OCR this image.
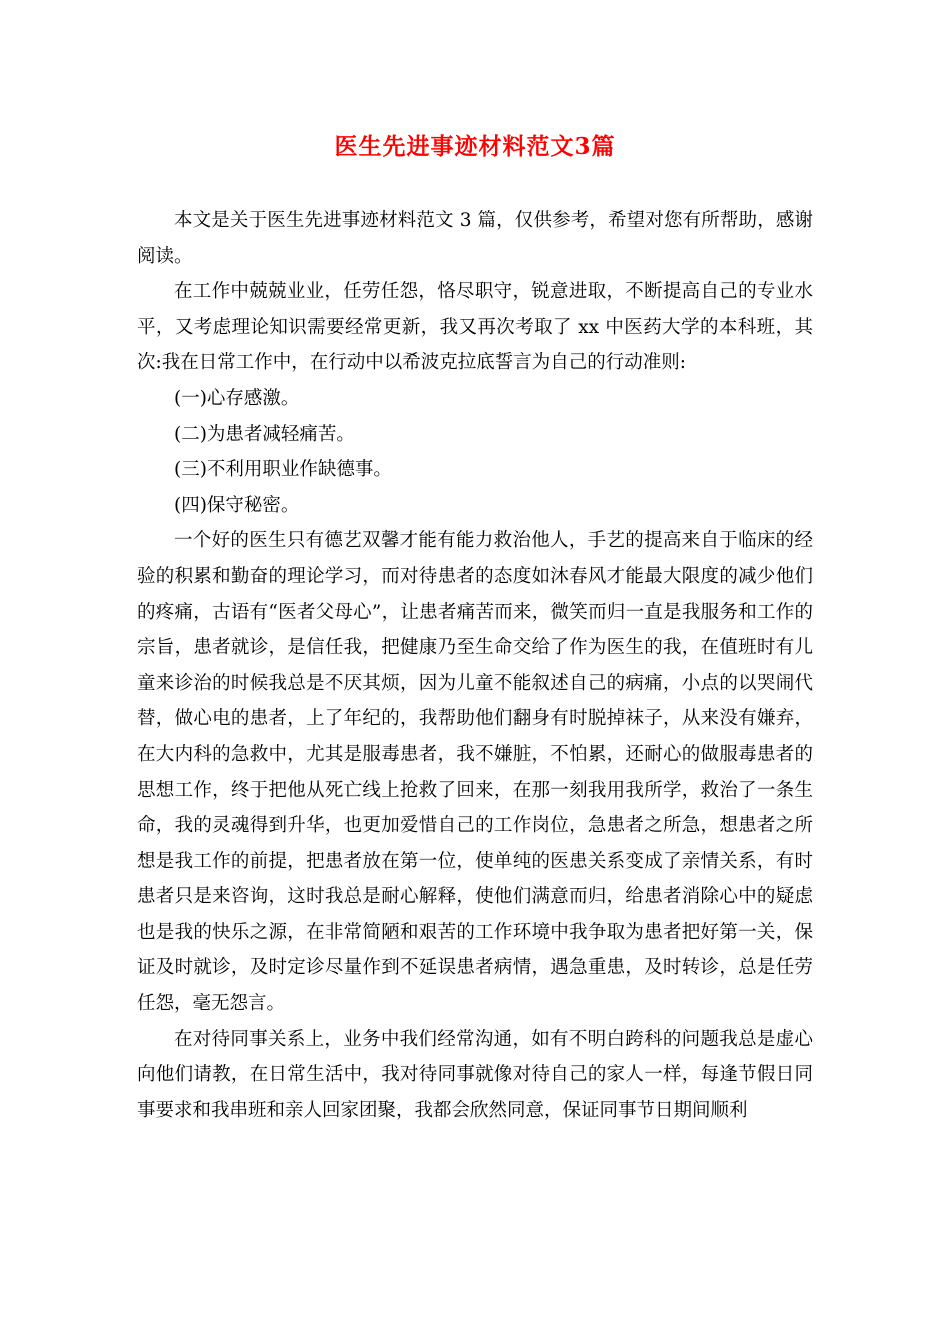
医生先进事迹材料范文3篇

本文是关于医生先进事迹材料范文 3 篇，仅供参考，希望对您有所帮助，感谢阅读。

在工作中兢兢业业，任劳任怨，恪尽职守，锐意进取，不断提高自己的专业水平，又考虑理论知识需要经常更新，我又再次考取了 xx 中医药大学的本科班，其次:我在日常工作中，在行动中以希波克拉底誓言为自己的行动准则:

(一)心存感激。

(二)为患者减轻痛苦。

(三)不利用职业作缺德事。

(四)保守秘密。

一个好的医生只有德艺双馨才能有能力救治他人，手艺的提高来自于临床的经验的积累和勤奋的理论学习，而对待患者的态度如沐春风才能最大限度的减少他们的疼痛，古语有“医者父母心”，让患者痛苦而来，微笑而归一直是我服务和工作的宗旨，患者就诊，是信任我，把健康乃至生命交给了作为医生的我，在值班时有儿童来诊治的时候我总是不厌其烦，因为儿童不能叙述自己的病痛，小点的以哭闹代替，做心电的患者，上了年纪的，我帮助他们翻身有时脱掉袜子，从来没有嫌弃，在大内科的急救中，尤其是服毒患者，我不嫌脏，不怕累，还耐心的做服毒患者的思想工作，终于把他从死亡线上抢救了回来，在那一刻我用我所学，救治了一条生命，我的灵魂得到升华，也更加爱惜自己的工作岗位，急患者之所急，想患者之所想是我工作的前提，把患者放在第一位，使单纯的医患关系变成了亲情关系，有时患者只是来咨询，这时我总是耐心解释，使他们满意而归，给患者消除心中的疑虑也是我的快乐之源，在非常简陋和艰苦的工作环境中我争取为患者把好第一关，保证及时就诊，及时定诊尽量作到不延误患者病情，遇急重患，及时转诊，总是任劳任怨，毫无怨言。

在对待同事关系上，业务中我们经常沟通，如有不明白跨科的问题我总是虚心向他们请教，在日常生活中，我对待同事就像对待自己的家人一样，每逢节假日同事要求和我串班和亲人回家团聚，我都会欣然同意，保证同事节日期间顺利
